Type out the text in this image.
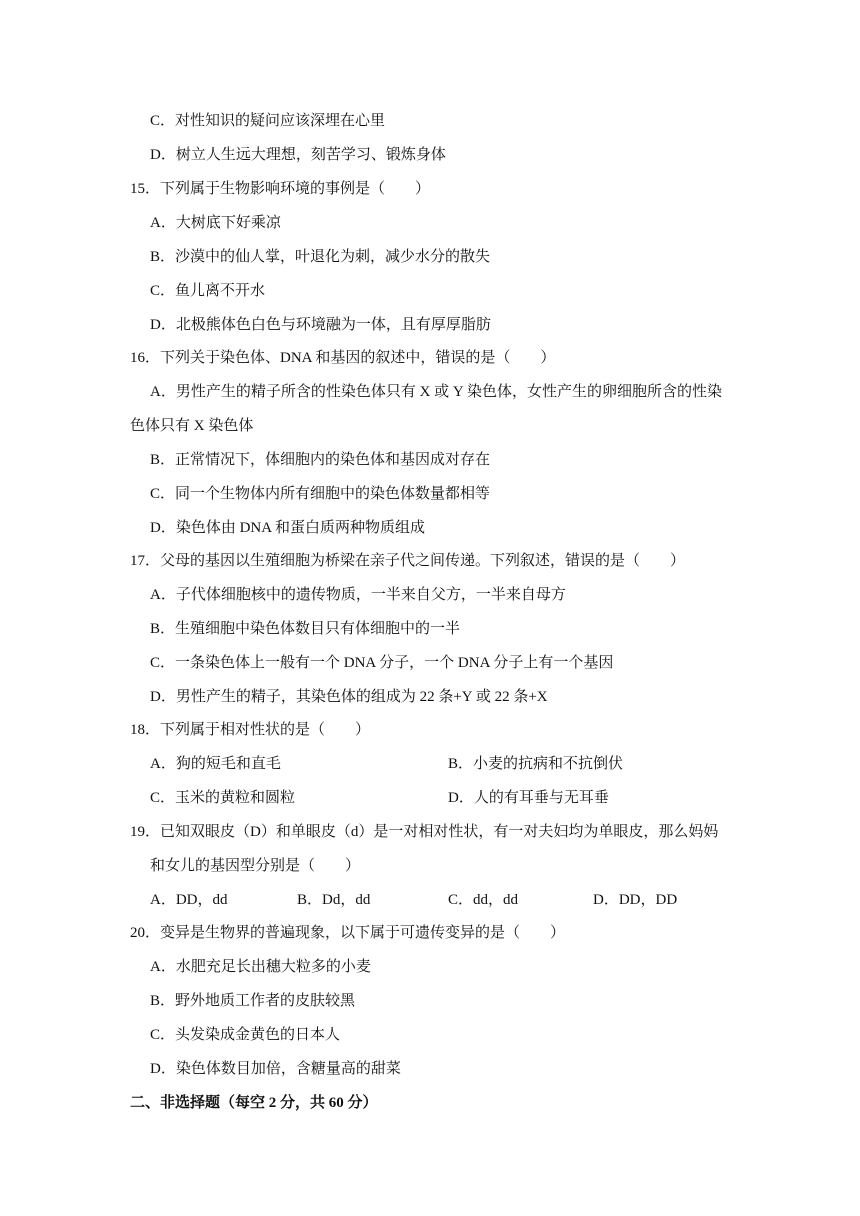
C．对性知识的疑问应该深埋在心里
D．树立人生远大理想，刻苦学习、锻炼身体
15．下列属于生物影响环境的事例是（　　）
A．大树底下好乘凉
B．沙漠中的仙人掌，叶退化为刺，减少水分的散失
C．鱼儿离不开水
D．北极熊体色白色与环境融为一体，且有厚厚脂肪
16．下列关于染色体、DNA 和基因的叙述中，错误的是（　　）
A．男性产生的精子所含的性染色体只有 X 或 Y 染色体，女性产生的卵细胞所含的性染
色体只有 X 染色体
B．正常情况下，体细胞内的染色体和基因成对存在
C．同一个生物体内所有细胞中的染色体数量都相等
D．染色体由 DNA 和蛋白质两种物质组成
17．父母的基因以生殖细胞为桥梁在亲子代之间传递。下列叙述，错误的是（　　）
A．子代体细胞核中的遗传物质，一半来自父方，一半来自母方
B．生殖细胞中染色体数目只有体细胞中的一半
C．一条染色体上一般有一个 DNA 分子，一个 DNA 分子上有一个基因
D．男性产生的精子，其染色体的组成为 22 条+Y 或 22 条+X
18．下列属于相对性状的是（　　）
A．狗的短毛和直毛	B．小麦的抗病和不抗倒伏
C．玉米的黄粒和圆粒	D．人的有耳垂与无耳垂
19．已知双眼皮（D）和单眼皮（d）是一对相对性状，有一对夫妇均为单眼皮，那么妈妈
和女儿的基因型分别是（　　）
A．DD，dd	B．Dd，dd	C．dd，dd	D．DD，DD
20．变异是生物界的普遍现象，以下属于可遗传变异的是（　　）
A．水肥充足长出穗大粒多的小麦
B．野外地质工作者的皮肤较黑
C．头发染成金黄色的日本人
D．染色体数目加倍，含糖量高的甜菜
二、非选择题（每空 2 分，共 60 分）
